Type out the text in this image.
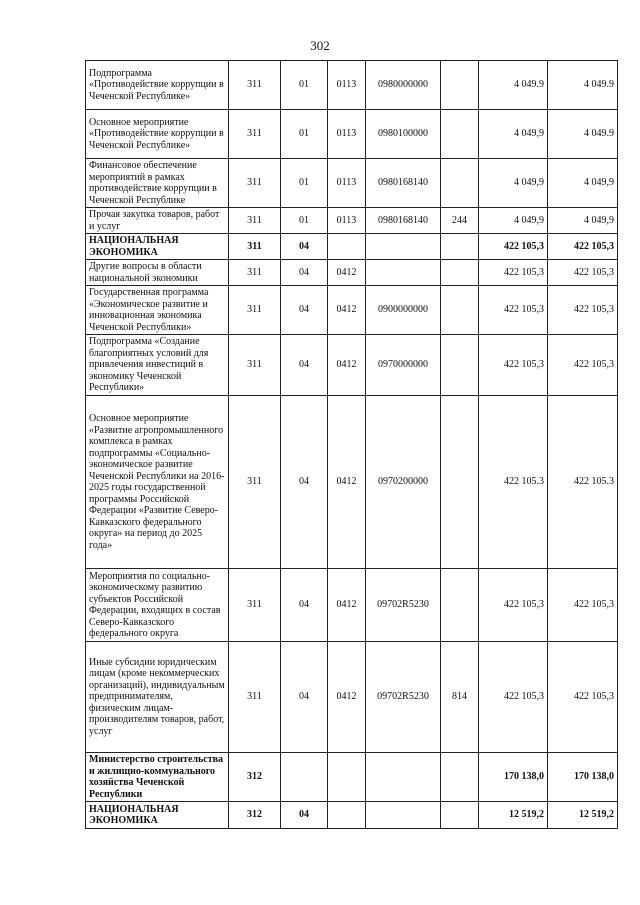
302
Подпрограмма «Противодействие коррупции в Чеченской Республике»	311	01	0113	0980000000		4 049.9	4 049.9
Основное мероприятие «Противодействие коррупции в Чеченской Республике»	311	01	0113	0980100000		4 049,9	4 049.9
Финансовое обеспечение мероприятий в рамках противодействие коррупции в Чеченской Республике	311	01	0113	0980168140		4 049,9	4 049,9
Прочая закупка товаров, работ и услуг	311	01	0113	0980168140	244	4 049,9	4 049,9
НАЦИОНАЛЬНАЯ ЭКОНОМИКА	311	04				422 105,3	422 105,3
Другие вопросы в области национальной экономики	311	04	0412			422 105,3	422 105,3
Государственная программа «Экономическое развитие и инновационная экономика Чеченской Республики»	311	04	0412	0900000000		422 105,3	422 105,3
Подпрограмма «Создание благоприятных условий для привлечения инвестиций в экономику Чеченской Республики»	311	04	0412	0970000000		422 105,3	422 105,3
Основное мероприятие «Развитие агропромышленного комплекса в рамках подпрограммы «Социально-экономическое развитие Чеченской Республики на 2016-2025 годы государственной программы Российской Федерации «Развитие Северо-Кавказского федерального округа» на период до 2025 года»	311	04	0412	0970200000		422 105.3	422 105.3
Мероприятия по социально-экономическому развитию субъектов Российской Федерации, входящих в состав Северо-Кавказского федерального округа	311	04	0412	09702R5230		422 105,3	422 105,3
Иные субсидии юридическим лицам (кроме некоммерческих организаций), индивидуальным предпринимателям, физическим лицам-производителям товаров, работ, услуг	311	04	0412	09702R5230	814	422 105,3	422 105,3
Министерство строительства и жилищно-коммунального хозяйства Чеченской Республики	312					170 138,0	170 138,0
НАЦИОНАЛЬНАЯ ЭКОНОМИКА	312	04				12 519,2	12 519,2
